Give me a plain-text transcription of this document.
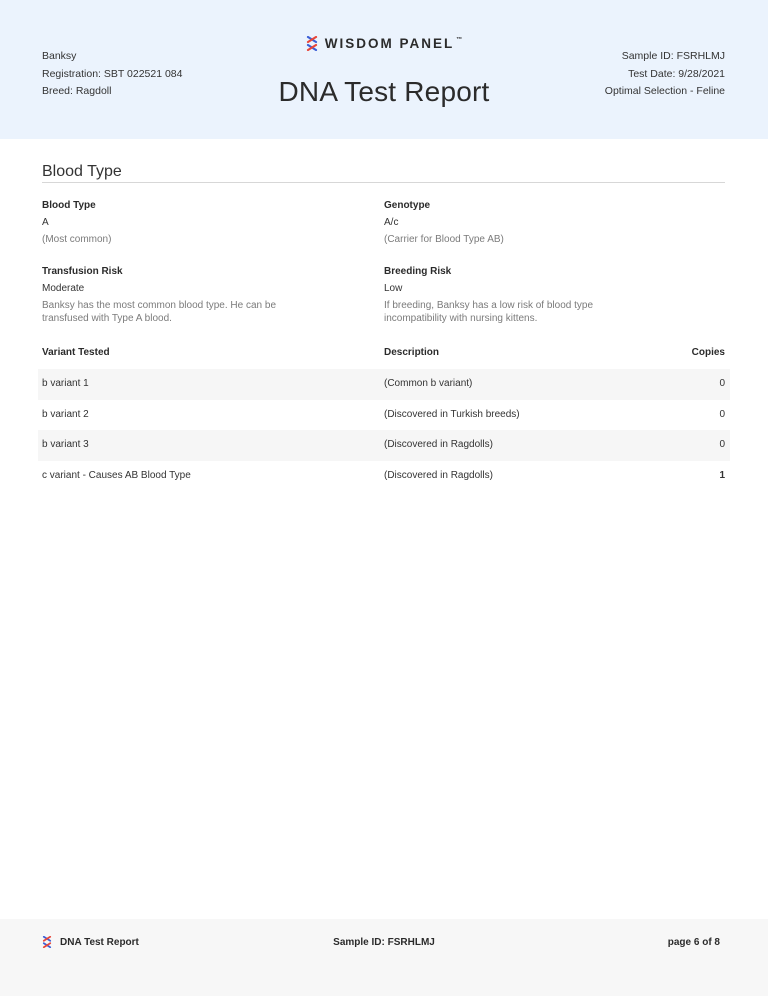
Banksy
Registration: SBT 022521 084
Breed: Ragdoll
WISDOM PANEL ™
DNA Test Report
Sample ID: FSRHLMJ
Test Date: 9/28/2021
Optimal Selection - Feline
Blood Type
Blood Type
A
(Most common)
Genotype
A/c
(Carrier for Blood Type AB)
Transfusion Risk
Moderate
Banksy has the most common blood type. He can be transfused with Type A blood.
Breeding Risk
Low
If breeding, Banksy has a low risk of blood type incompatibility with nursing kittens.
Variant Tested	Description	Copies
b variant 1	(Common b variant)	0
b variant 2	(Discovered in Turkish breeds)	0
b variant 3	(Discovered in Ragdolls)	0
c variant - Causes AB Blood Type	(Discovered in Ragdolls)	1
DNA Test Report	Sample ID: FSRHLMJ	page 6 of 8
